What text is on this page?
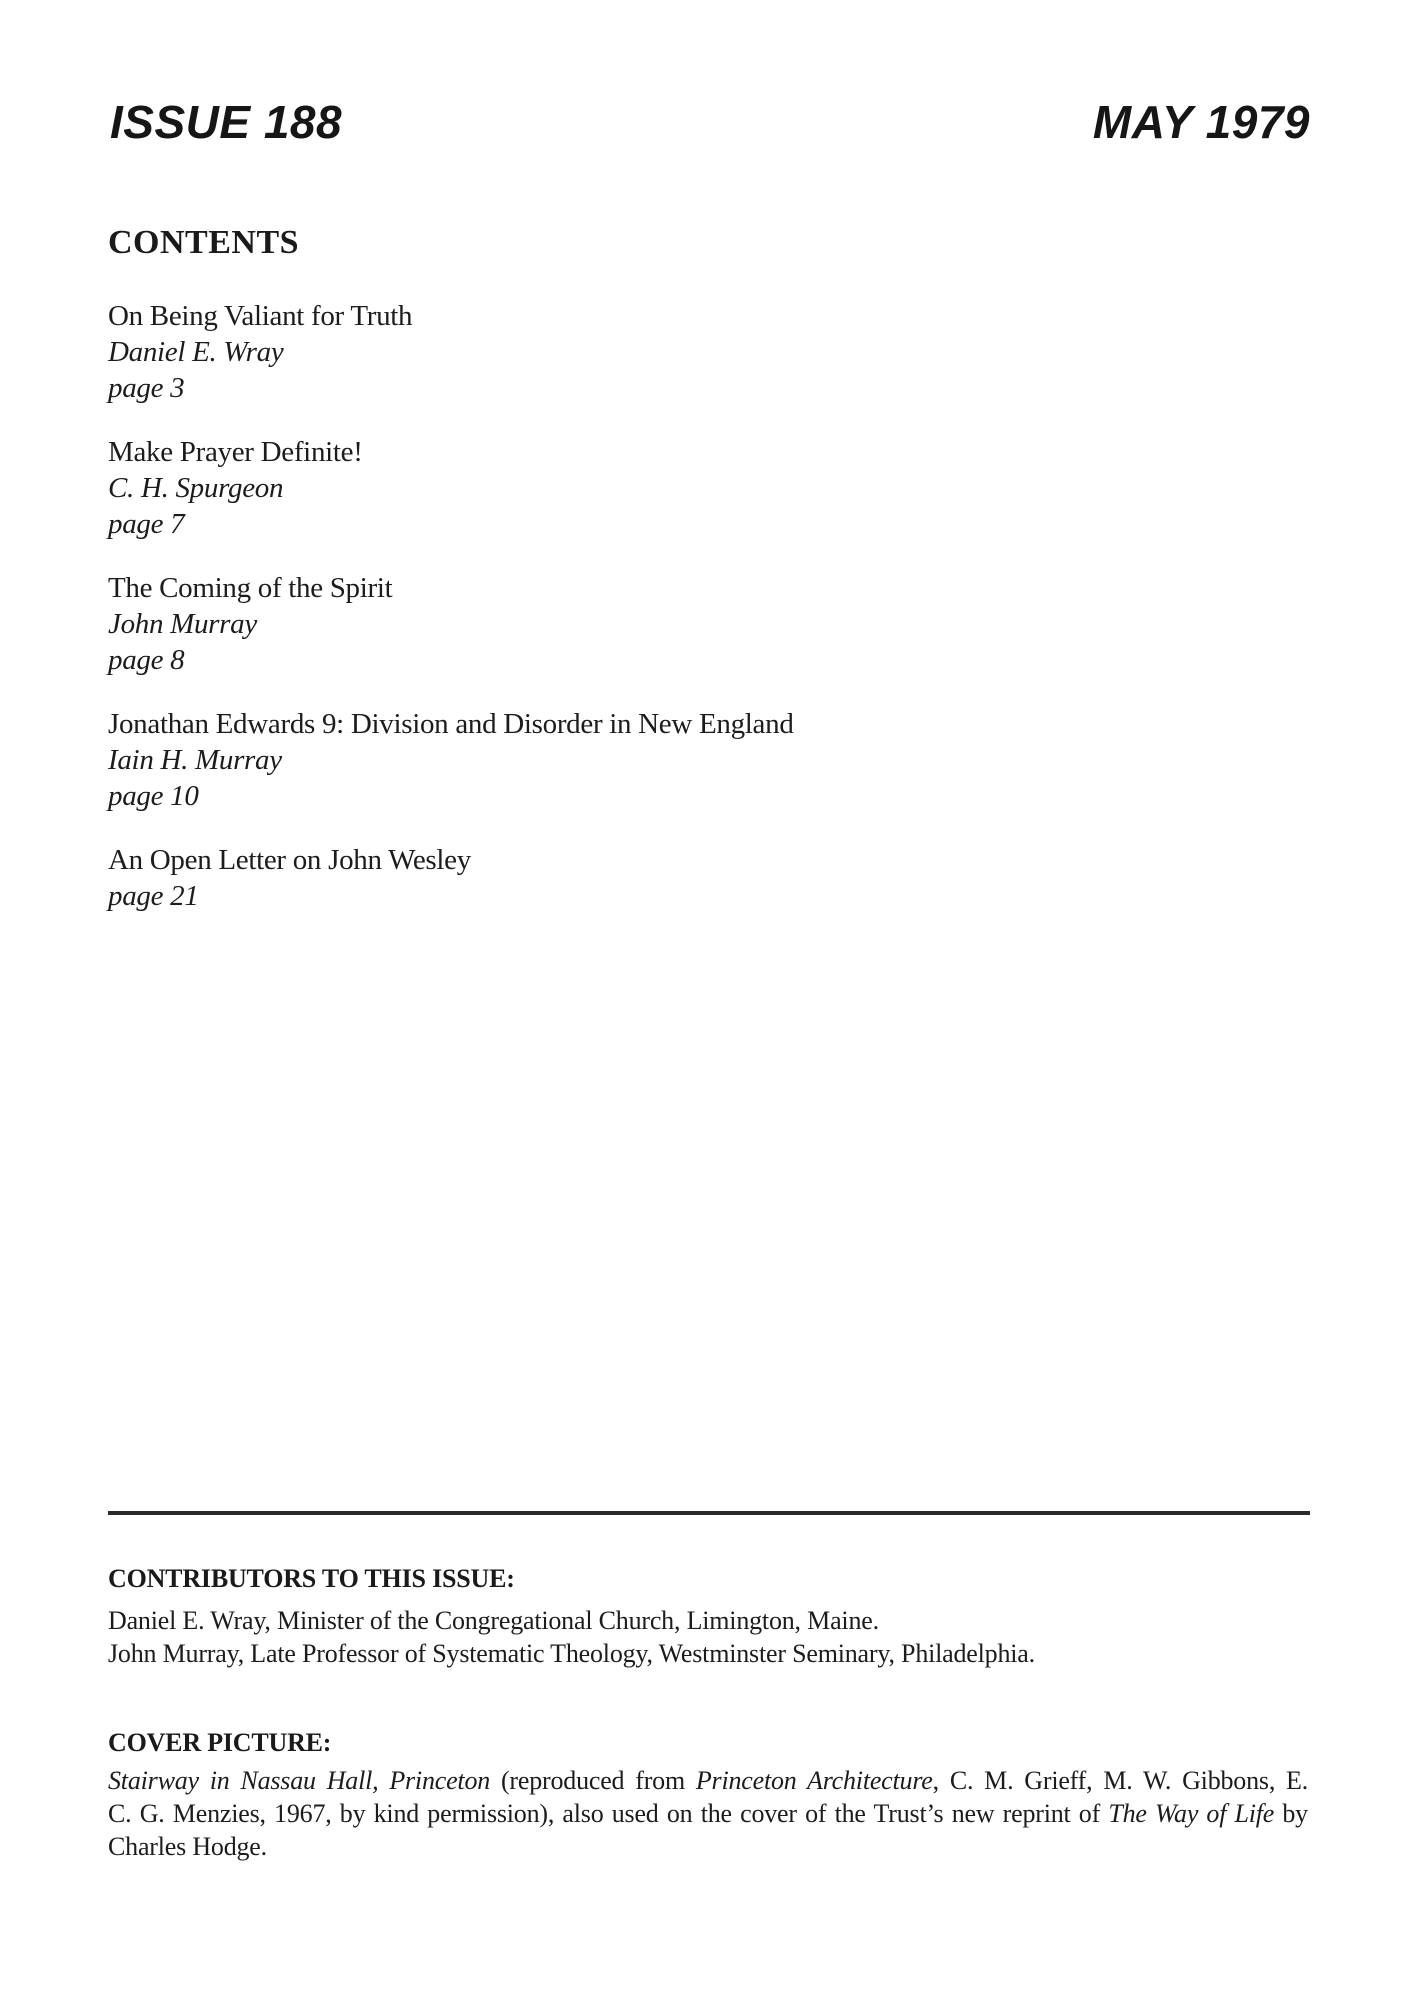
ISSUE 188	MAY 1979
CONTENTS
On Being Valiant for Truth
Daniel E. Wray
page 3
Make Prayer Definite!
C. H. Spurgeon
page 7
The Coming of the Spirit
John Murray
page 8
Jonathan Edwards 9: Division and Disorder in New England
Iain H. Murray
page 10
An Open Letter on John Wesley
page 21
CONTRIBUTORS TO THIS ISSUE:

Daniel E. Wray, Minister of the Congregational Church, Limington, Maine.

John Murray, Late Professor of Systematic Theology, Westminster Seminary, Philadelphia.

COVER PICTURE:
Stairway in Nassau Hall, Princeton (reproduced from Princeton Architecture, C. M. Grieff, M. W. Gibbons, E.
C. G. Menzies, 1967, by kind permission), also used on the cover of the Trust’s new reprint of The Way of Life by
Charles Hodge.
